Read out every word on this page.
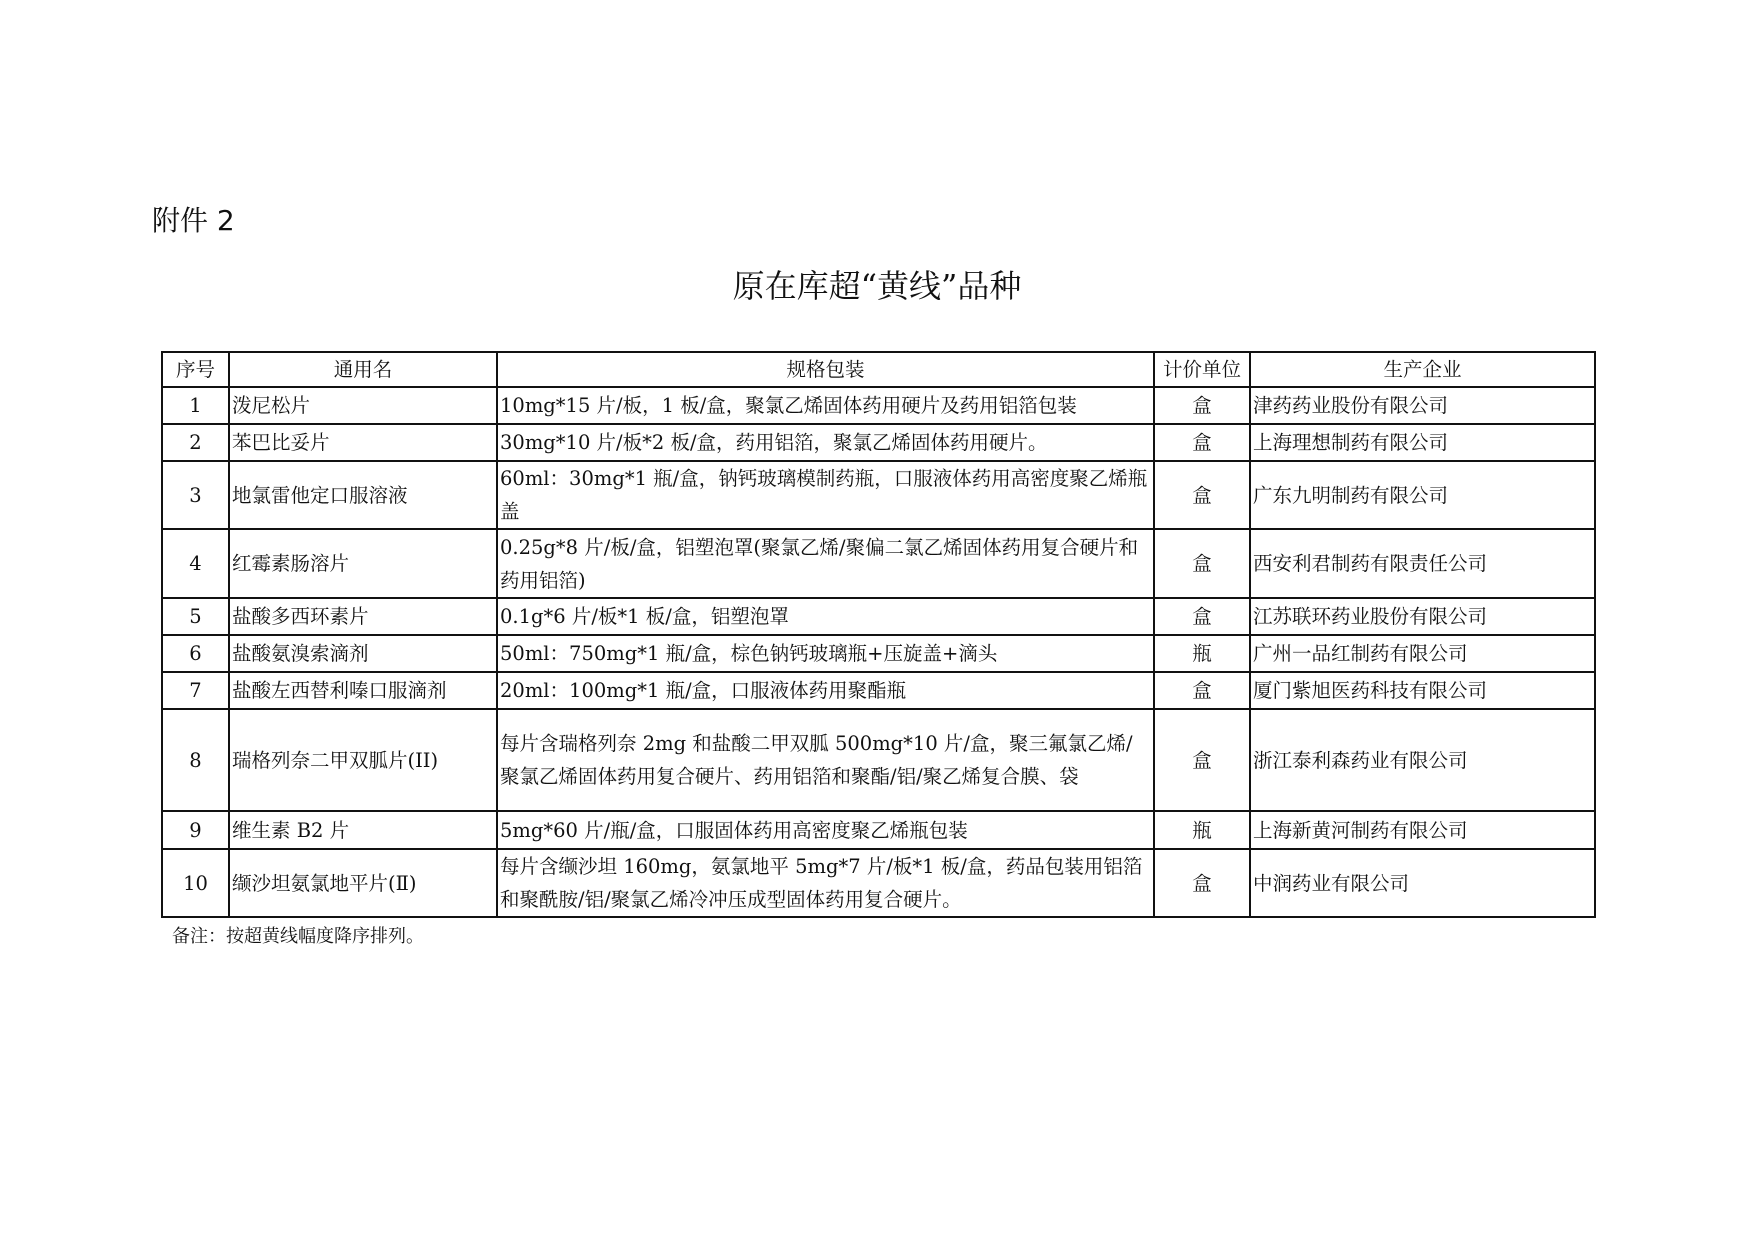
附件 2
原在库超“黄线”品种
序号	通用名	规格包装	计价单位	生产企业
1	泼尼松片	10mg*15 片/板，1 板/盒，聚氯乙烯固体药用硬片及药用铝箔包装	盒	津药药业股份有限公司
2	苯巴比妥片	30mg*10 片/板*2 板/盒，药用铝箔，聚氯乙烯固体药用硬片。	盒	上海理想制药有限公司
3	地氯雷他定口服溶液	60ml：30mg*1 瓶/盒，钠钙玻璃模制药瓶，口服液体药用高密度聚乙烯瓶盖	盒	广东九明制药有限公司
4	红霉素肠溶片	0.25g*8 片/板/盒，铝塑泡罩(聚氯乙烯/聚偏二氯乙烯固体药用复合硬片和药用铝箔)	盒	西安利君制药有限责任公司
5	盐酸多西环素片	0.1g*6 片/板*1 板/盒，铝塑泡罩	盒	江苏联环药业股份有限公司
6	盐酸氨溴索滴剂	50ml：750mg*1 瓶/盒，棕色钠钙玻璃瓶+压旋盖+滴头	瓶	广州一品红制药有限公司
7	盐酸左西替利嗪口服滴剂	20ml：100mg*1 瓶/盒，口服液体药用聚酯瓶	盒	厦门紫旭医药科技有限公司
8	瑞格列奈二甲双胍片(II)	每片含瑞格列奈 2mg 和盐酸二甲双胍 500mg*10 片/盒，聚三氟氯乙烯/聚氯乙烯固体药用复合硬片、药用铝箔和聚酯/铝/聚乙烯复合膜、袋	盒	浙江泰利森药业有限公司
9	维生素 B2 片	5mg*60 片/瓶/盒，口服固体药用高密度聚乙烯瓶包装	瓶	上海新黄河制药有限公司
10	缬沙坦氨氯地平片(Ⅱ)	每片含缬沙坦 160mg，氨氯地平 5mg*7 片/板*1 板/盒，药品包装用铝箔和聚酰胺/铝/聚氯乙烯冷冲压成型固体药用复合硬片。	盒	中润药业有限公司
备注：按超黄线幅度降序排列。
